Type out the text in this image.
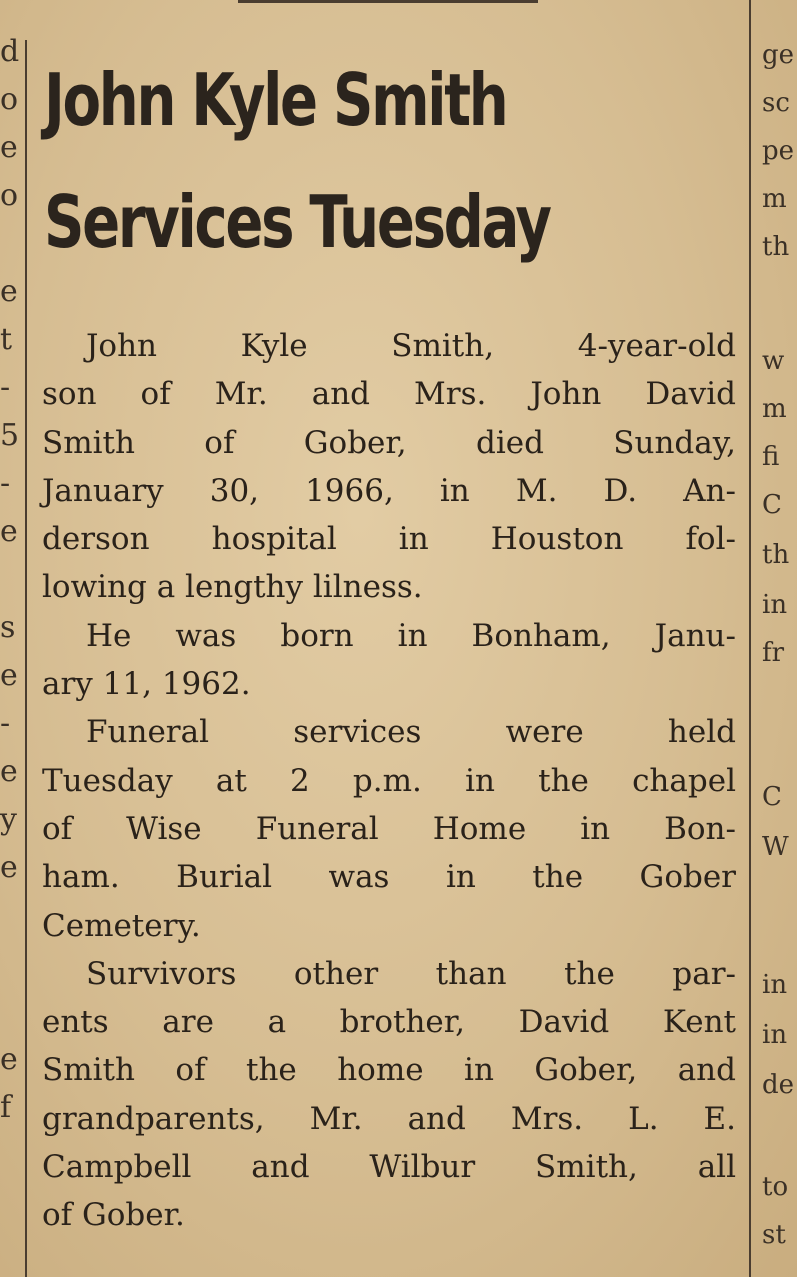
d
o
e
o
e
t
-
5
-
e
s
e
-
e
y
e
e
f
ge
sc
pe
m
th
w
m
fi
C
th
in
fr
C
W
in
in
de
to
st
John Kyle Smith
Services Tuesday

John Kyle Smith, 4-year-old
son of Mr. and Mrs. John David
Smith of Gober, died Sunday,
January 30, 1966, in M. D. An-
derson hospital in Houston fol-
lowing a lengthy lilness.

He was born in Bonham, Janu-
ary 11, 1962.

Funeral services were held
Tuesday at 2 p.m. in the chapel
of Wise Funeral Home in Bon-
ham. Burial was in the Gober
Cemetery.

Survivors other than the par-
ents are a brother, David Kent
Smith of the home in Gober, and
grandparents, Mr. and Mrs. L. E.
Campbell and Wilbur Smith, all
of Gober.
